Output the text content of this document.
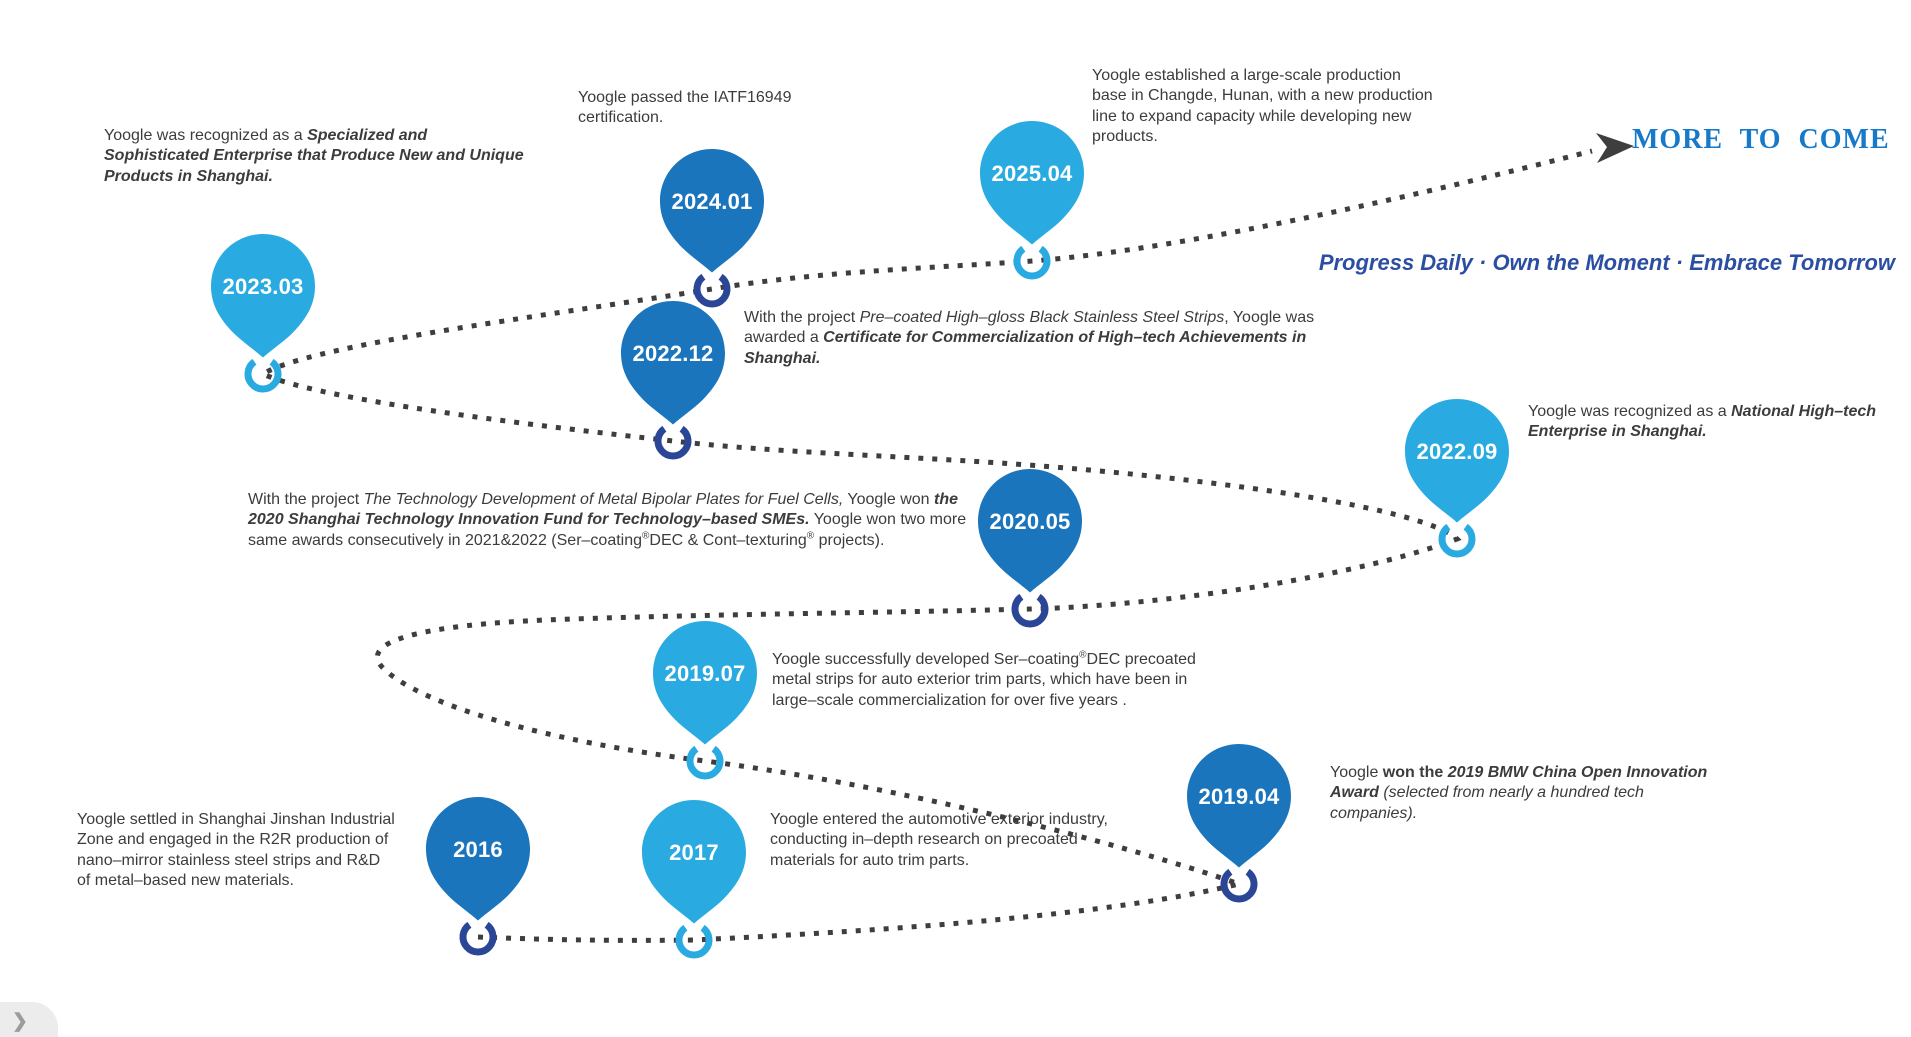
Yoogle settled in Shanghai Jinshan Industrial Zone and engaged in the R2R production of nano–mirror stainless steel strips and R&D of metal–based new materials.
Yoogle entered the automotive exterior industry, conducting in–depth research on precoated materials for auto trim parts.
Yoogle won the 2019 BMW China Open Innovation Award (selected from nearly a hundred tech companies).
Yoogle successfully developed Ser–coating®DEC precoated metal strips for auto exterior trim parts, which have been in large–scale commercialization for over five years .
With the project The Technology Development of Metal Bipolar Plates for Fuel Cells, Yoogle won the 2020 Shanghai Technology Innovation Fund for Technology–based SMEs. Yoogle won two more same awards consecutively in 2021&2022 (Ser–coating®DEC & Cont–texturing® projects).
Yoogle was recognized as a National High–tech Enterprise in Shanghai.
With the project Pre–coated High–gloss Black Stainless Steel Strips, Yoogle was awarded a Certificate for Commercialization of High–tech Achievements in Shanghai.
Yoogle was recognized as a Specialized and Sophisticated Enterprise that Produce New and Unique Products in Shanghai.
Yoogle passed the IATF16949 certification.
Yoogle established a large-scale production base in Changde, Hunan, with a new production line to expand capacity while developing new products.
2016	2017
2019.04
2019.07
2020.05
2022.09
2022.12
2023.03
2024.01
2025.04
MORE TO COME
Progress Daily · Own the Moment · Embrace Tomorrow
❯
